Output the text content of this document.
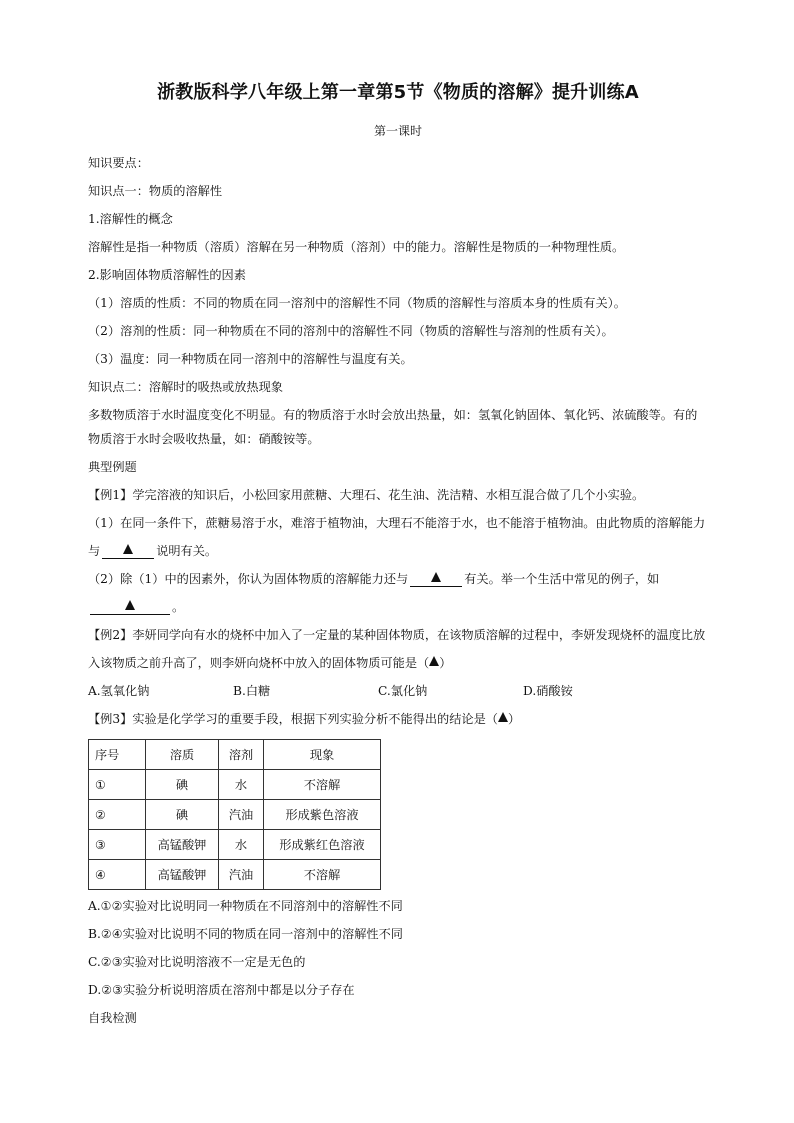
浙教版科学八年级上第一章第5节《物质的溶解》提升训练A

第一课时

知识要点：

知识点一：物质的溶解性

1.溶解性的概念

溶解性是指一种物质（溶质）溶解在另一种物质（溶剂）中的能力。溶解性是物质的一种物理性质。

2.影响固体物质溶解性的因素

（1）溶质的性质：不同的物质在同一溶剂中的溶解性不同（物质的溶解性与溶质本身的性质有关）。

（2）溶剂的性质：同一种物质在不同的溶剂中的溶解性不同（物质的溶解性与溶剂的性质有关）。

（3）温度：同一种物质在同一溶剂中的溶解性与温度有关。

知识点二：溶解时的吸热或放热现象

多数物质溶于水时温度变化不明显。有的物质溶于水时会放出热量，如：氢氧化钠固体、氧化钙、浓硫酸等。有的物质溶于水时会吸收热量，如：硝酸铵等。

典型例题

【例1】学完溶液的知识后，小松回家用蔗糖、大理石、花生油、洗洁精、水相互混合做了几个小实验。

（1）在同一条件下，蔗糖易溶于水，难溶于植物油，大理石不能溶于水，也不能溶于植物油。由此物质的溶解能力与	说明有关。

（2）除（1）中的因素外，你认为固体物质的溶解能力还与	有关。举一个生活中常见的例子，如。

【例2】李妍同学向有水的烧杯中加入了一定量的某种固体物质，在该物质溶解的过程中，李妍发现烧杯的温度比放入该物质之前升高了，则李妍向烧杯中放入的固体物质可能是（ ）

A.氢氧化钠	B.白糖	C.氯化钠	D.硝酸铵

【例3】实验是化学学习的重要手段，根据下列实验分析不能得出的结论是（ ）

序号	溶质	溶剂	现象
①	碘	水	不溶解
②	碘	汽油	形成紫色溶液
③	高锰酸钾	水	形成紫红色溶液
④	高锰酸钾	汽油	不溶解

A.①②实验对比说明同一种物质在不同溶剂中的溶解性不同

B.②④实验对比说明不同的物质在同一溶剂中的溶解性不同

C.②③实验对比说明溶液不一定是无色的

D.②③实验分析说明溶质在溶剂中都是以分子存在

自我检测
